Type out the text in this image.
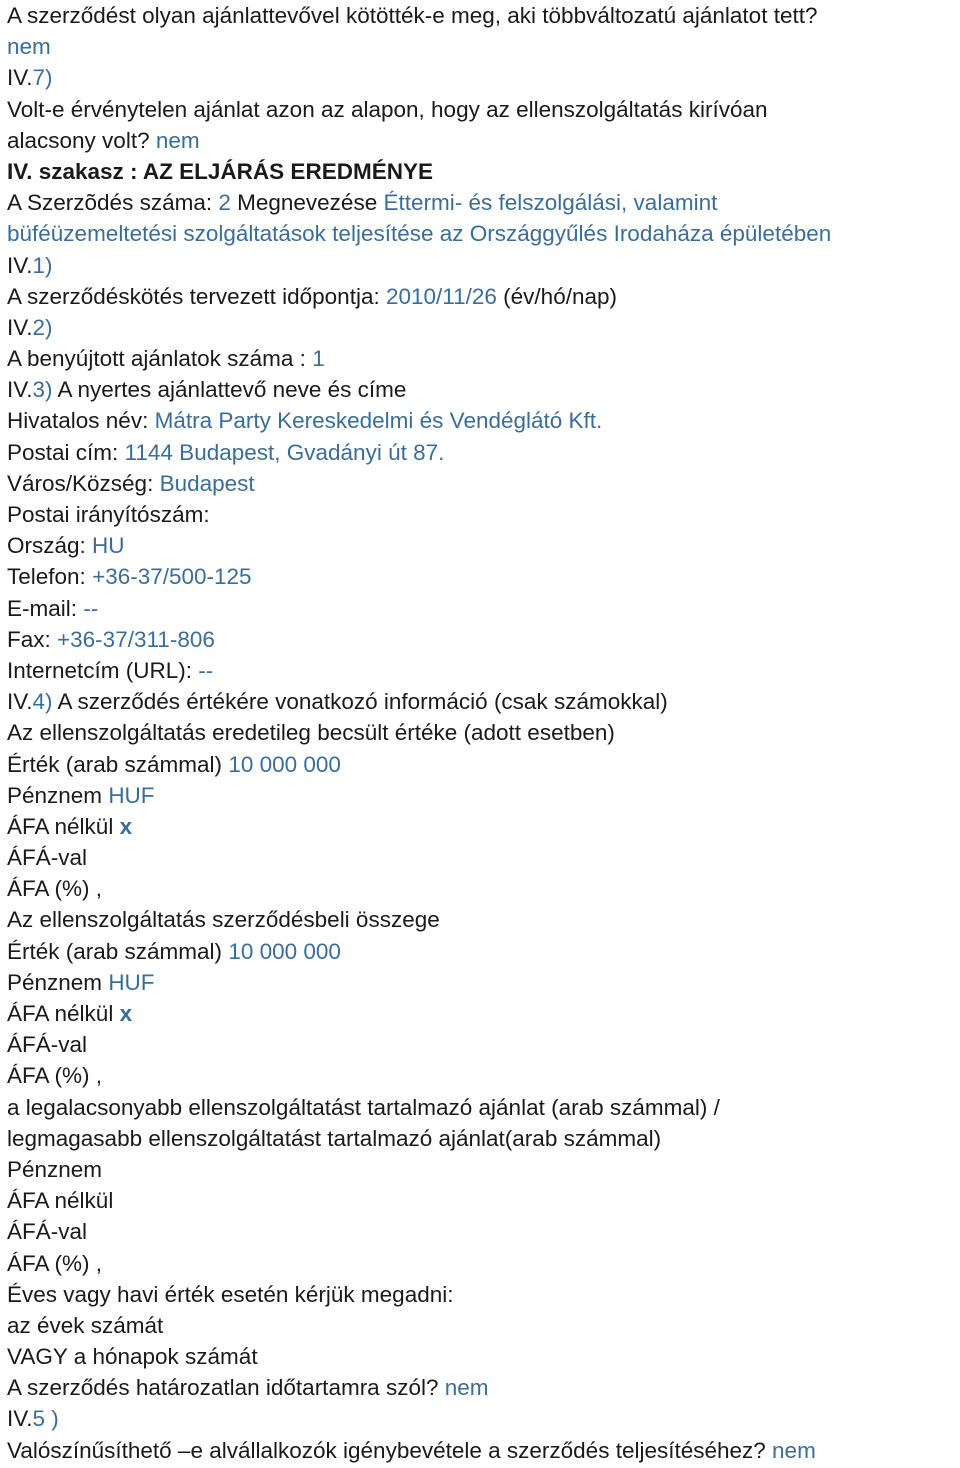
A szerződést olyan ajánlattevővel kötötték-e meg, aki többváltozatú ajánlatot tett?
nem
IV.7)
Volt-e érvénytelen ajánlat azon az alapon, hogy az ellenszolgáltatás kirívóan
alacsony volt? nem
IV. szakasz : AZ ELJÁRÁS EREDMÉNYE
A Szerzõdés száma: 2 Megnevezése Éttermi- és felszolgálási, valamint
büféüzemeltetési szolgáltatások teljesítése az Országgyűlés Irodaháza épületében
IV.1)
A szerződéskötés tervezett időpontja: 2010/11/26 (év/hó/nap)
IV.2)
A benyújtott ajánlatok száma : 1
IV.3) A nyertes ajánlattevő neve és címe
Hivatalos név: Mátra Party Kereskedelmi és Vendéglátó Kft.
Postai cím: 1144 Budapest, Gvadányi út 87.
Város/Község: Budapest
Postai irányítószám:
Ország: HU
Telefon: +36-37/500-125
E-mail: --
Fax: +36-37/311-806
Internetcím (URL): --
IV.4) A szerződés értékére vonatkozó információ (csak számokkal)
Az ellenszolgáltatás eredetileg becsült értéke (adott esetben)
Érték (arab számmal) 10 000 000
Pénznem HUF
ÁFA nélkül x
ÁFÁ-val
ÁFA (%) ,
Az ellenszolgáltatás szerződésbeli összege
Érték (arab számmal) 10 000 000
Pénznem HUF
ÁFA nélkül x
ÁFÁ-val
ÁFA (%) ,
a legalacsonyabb ellenszolgáltatást tartalmazó ajánlat (arab számmal) /
legmagasabb ellenszolgáltatást tartalmazó ajánlat(arab számmal)
Pénznem
ÁFA nélkül
ÁFÁ-val
ÁFA (%) ,
Éves vagy havi érték esetén kérjük megadni:
az évek számát
VAGY a hónapok számát
A szerződés határozatlan időtartamra szól? nem
IV.5 )
Valószínűsíthető –e alvállalkozók igénybevétele a szerződés teljesítéséhez? nem
